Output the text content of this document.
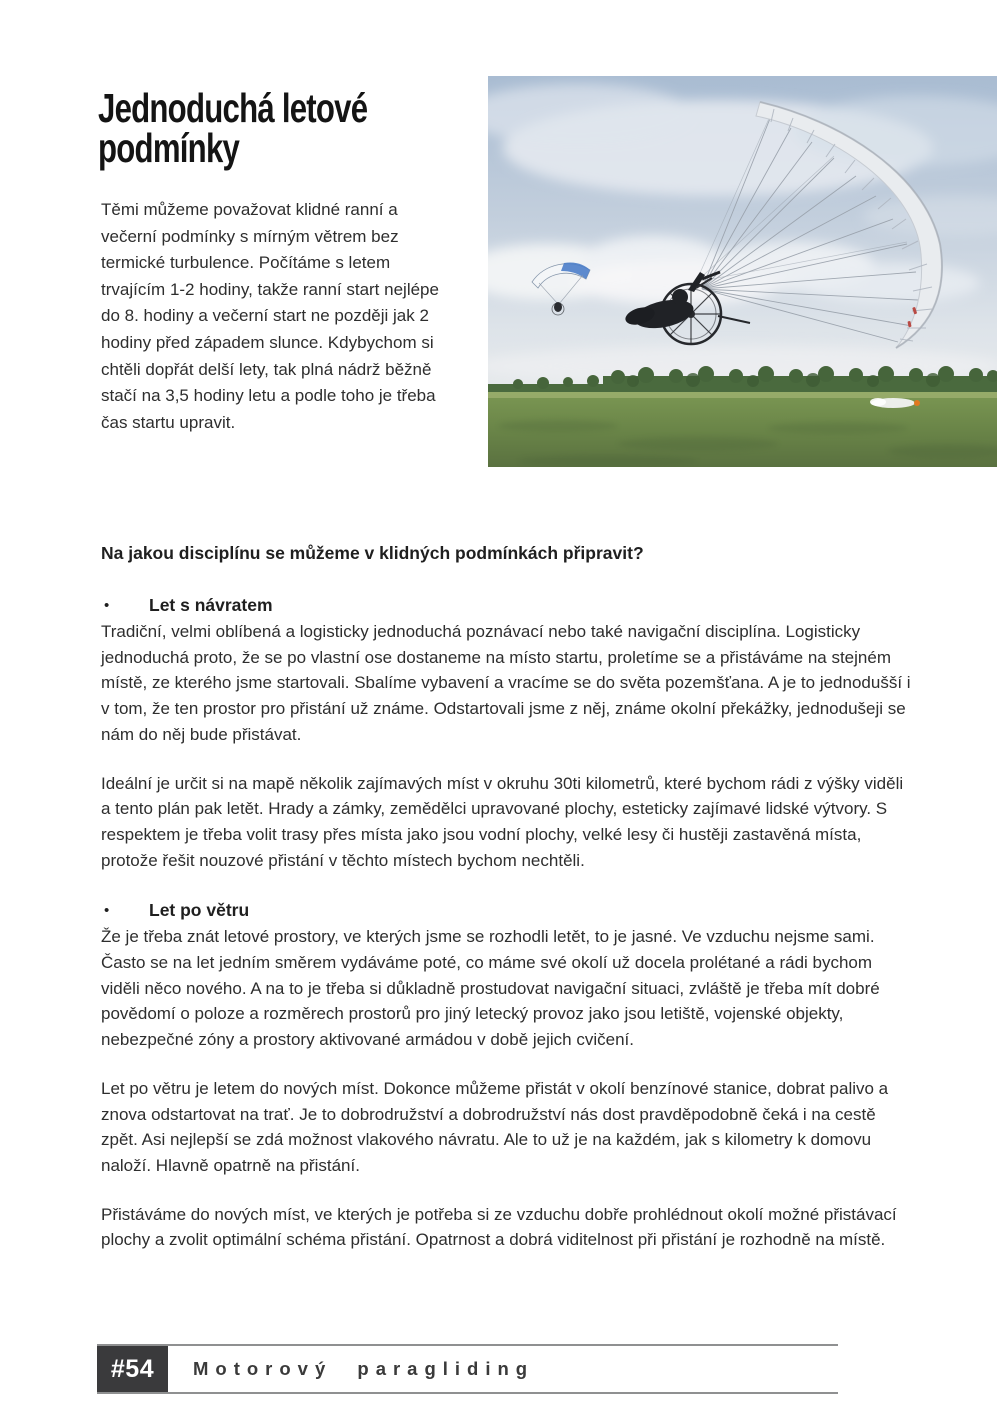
Jednoduchá letové
podmínky
Těmi můžeme považovat klidné ranní a večerní podmínky s mírným větrem bez termické turbulence. Počítáme s letem trvajícím 1-2 hodiny, takže ranní start nejlépe do 8. hodiny a večerní start ne později jak 2 hodiny před západem slunce. Kdybychom si chtěli dopřát delší lety, tak plná nádrž běžně stačí na 3,5 hodiny letu a podle toho je třeba čas startu upravit.
Na jakou disciplínu se můžeme v klidných podmínkách připravit?
• Let s návratem

Tradiční, velmi oblíbená a logisticky jednoduchá poznávací nebo také navigační disciplína. Logisticky jednoduchá proto, že se po vlastní ose dostaneme na místo startu, proletíme se a přistáváme na stejném místě, ze kterého jsme startovali. Sbalíme vybavení a vracíme se do světa pozemšťana. A je to jednodušší i v tom, že ten prostor pro přistání už známe. Odstartovali jsme z něj, známe okolní překážky, jednodušeji se nám do něj bude přistávat.

Ideální je určit si na mapě několik zajímavých míst v okruhu 30ti kilometrů, které bychom rádi z výšky viděli a tento plán pak letět. Hrady a zámky, zemědělci upravované plochy, esteticky zajímavé lidské výtvory. S respektem je třeba volit trasy přes místa jako jsou vodní plochy, velké lesy či hustěji zastavěná místa, protože řešit nouzové přistání v těchto místech bychom nechtěli.

• Let po větru

Že je třeba znát letové prostory, ve kterých jsme se rozhodli letět, to je jasné. Ve vzduchu nejsme sami. Často se na let jedním směrem vydáváme poté, co máme své okolí už docela prolétané a rádi bychom viděli něco nového. A na to je třeba si důkladně prostudovat navigační situaci, zvláště je třeba mít dobré povědomí o poloze a rozměrech prostorů pro jiný letecký provoz jako jsou letiště, vojenské objekty, nebezpečné zóny a prostory aktivované armádou v době jejich cvičení.

Let po větru je letem do nových míst. Dokonce můžeme přistát v okolí benzínové stanice, dobrat palivo a znova odstartovat na trať. Je to dobrodružství a dobrodružství nás dost pravděpodobně čeká i na cestě zpět. Asi nejlepší se zdá možnost vlakového návratu. Ale to už je na každém, jak s kilometry k domovu naloží. Hlavně opatrně na přistání.

Přistáváme do nových míst, ve kterých je potřeba si ze vzduchu dobře prohlédnout okolí možné přistávací plochy a zvolit optimální schéma přistání. Opatrnost a dobrá viditelnost při přistání je rozhodně na místě.

#54 Motorový paragliding
